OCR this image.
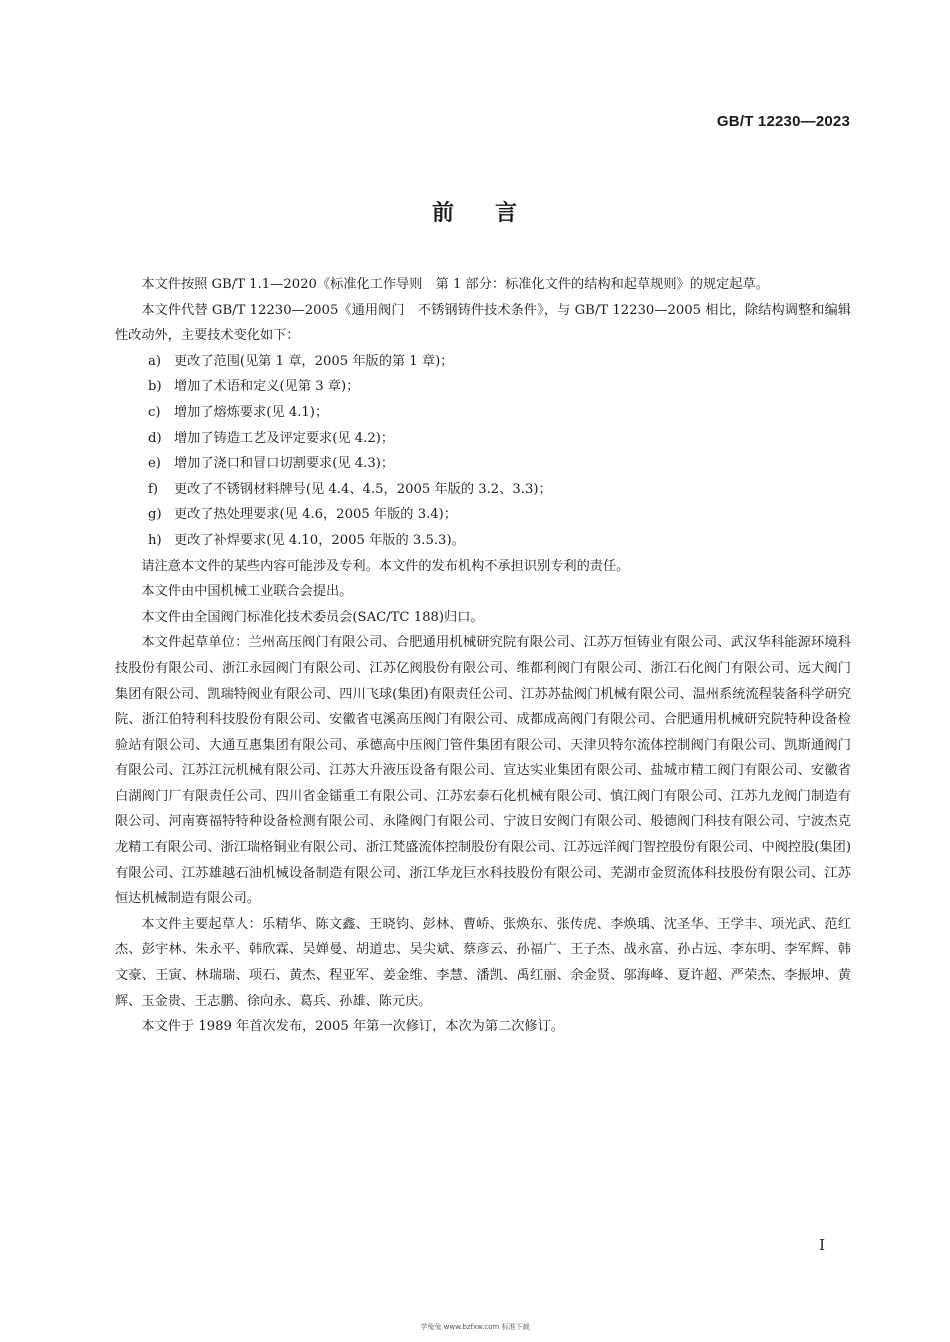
GB/T 12230—2023
前 言

本文件按照 GB/T 1.1—2020《标准化工作导则　第 1 部分：标准化文件的结构和起草规则》的规定起草。

本文件代替 GB/T 12230—2005《通用阀门　不锈钢铸件技术条件》，与 GB/T 12230—2005 相比，除结构调整和编辑性改动外，主要技术变化如下：

a) 更改了范围(见第 1 章，2005 年版的第 1 章)；
b) 增加了术语和定义(见第 3 章)；
c)	增加了熔炼要求(见 4.1)；
d) 增加了铸造工艺及评定要求(见 4.2)；
e) 增加了浇口和冒口切割要求(见 4.3)；
f)	更改了不锈钢材料牌号(见 4.4、4.5，2005 年版的 3.2、3.3)；
g) 更改了热处理要求(见 4.6，2005 年版的 3.4)；
h) 更改了补焊要求(见 4.10，2005 年版的 3.5.3)。

请注意本文件的某些内容可能涉及专利。本文件的发布机构不承担识别专利的责任。

本文件由中国机械工业联合会提出。

本文件由全国阀门标准化技术委员会(SAC/TC 188)归口。

本文件起草单位：兰州高压阀门有限公司、合肥通用机械研究院有限公司、江苏万恒铸业有限公司、武汉华科能源环境科技股份有限公司、浙江永园阀门有限公司、江苏亿阀股份有限公司、维都利阀门有限公司、浙江石化阀门有限公司、远大阀门集团有限公司、凯瑞特阀业有限公司、四川飞球(集团)有限责任公司、江苏苏盐阀门机械有限公司、温州系统流程装备科学研究院、浙江伯特利科技股份有限公司、安徽省屯溪高压阀门有限公司、成都成高阀门有限公司、合肥通用机械研究院特种设备检验站有限公司、大通互惠集团有限公司、承德高中压阀门管件集团有限公司、天津贝特尔流体控制阀门有限公司、凯斯通阀门有限公司、江苏江沅机械有限公司、江苏大升液压设备有限公司、宣达实业集团有限公司、盐城市精工阀门有限公司、安徽省白湖阀门厂有限责任公司、四川省金镭重工有限公司、江苏宏泰石化机械有限公司、慎江阀门有限公司、江苏九龙阀门制造有限公司、河南赛福特特种设备检测有限公司、永隆阀门有限公司、宁波日安阀门有限公司、般德阀门科技有限公司、宁波杰克龙精工有限公司、浙江瑞格铜业有限公司、浙江梵盛流体控制股份有限公司、江苏远洋阀门智控股份有限公司、中阀控股(集团)有限公司、江苏雄越石油机械设备制造有限公司、浙江华龙巨水科技股份有限公司、芜湖市金贸流体科技股份有限公司、江苏恒达机械制造有限公司。

本文件主要起草人：乐精华、陈文鑫、王晓钧、彭林、曹峤、张焕东、张传虎、李焕瑀、沈圣华、王学丰、项光武、范红杰、彭宇林、朱永平、韩欣霖、吴婵曼、胡道忠、吴尖斌、蔡彦云、孙福广、王子杰、战永富、孙占远、李东明、李军辉、韩文豪、王寅、林瑞瑞、项石、黄杰、程亚军、姜金维、李慧、潘凯、禹红丽、余金贤、邬海峰、夏许超、严荣杰、李振坤、黄辉、玉金贵、王志鹏、徐向永、葛兵、孙雄、陈元庆。

本文件于 1989 年首次发布，2005 年第一次修订，本次为第二次修订。

I
学兔兔 www.bzfxw.com 标准下载
